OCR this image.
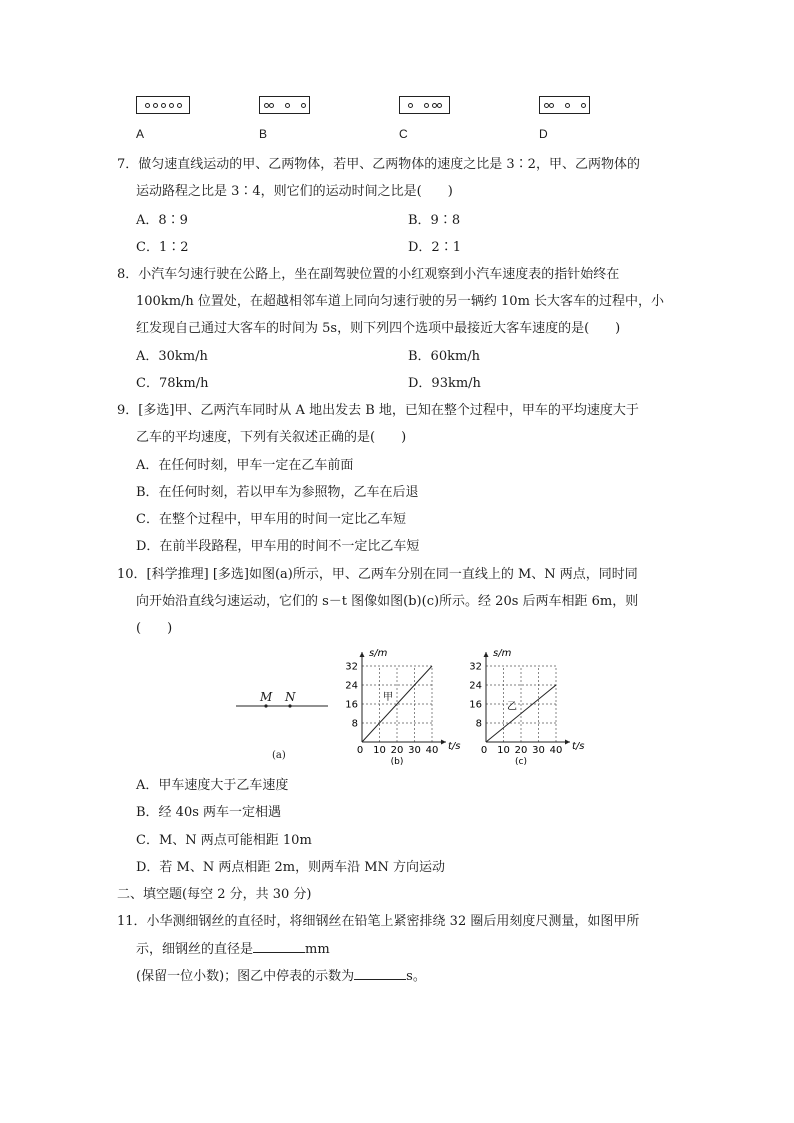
A	B	C	D
7．做匀速直线运动的甲、乙两物体，若甲、乙两物体的速度之比是 3∶2，甲、乙两物体的
运动路程之比是 3∶4，则它们的运动时间之比是(　　)
A．8∶9	B．9∶8
C．1∶2	D．2∶1
8．小汽车匀速行驶在公路上，坐在副驾驶位置的小红观察到小汽车速度表的指针始终在
100km/h 位置处，在超越相邻车道上同向匀速行驶的另一辆约 10m 长大客车的过程中，小
红发现自己通过大客车的时间为 5s，则下列四个选项中最接近大客车速度的是(　　)
A．30km/h	B．60km/h
C．78km/h	D．93km/h
9．[多选]甲、乙两汽车同时从 A 地出发去 B 地，已知在整个过程中，甲车的平均速度大于
乙车的平均速度，下列有关叙述正确的是(　　)
A．在任何时刻，甲车一定在乙车前面
B．在任何时刻，若以甲车为参照物，乙车在后退
C．在整个过程中，甲车用的时间一定比乙车短
D．在前半段路程，甲车用的时间不一定比乙车短
10．[科学推理] [多选]如图(a)所示，甲、乙两车分别在同一直线上的 M、N 两点，同时同
向开始沿直线匀速运动，它们的 s－t 图像如图(b)(c)所示。经 20s 后两车相距 6m，则
(　　)
M N
(a)	0 10 20 30 40
8
16
24
32
t/s
s/m
甲
(b)
0 10 20 30 40
8
16
24
32
t/s
s/m
乙
(c)
A．甲车速度大于乙车速度
B．经 40s 两车一定相遇
C．M、N 两点可能相距 10m
D．若 M、N 两点相距 2m，则两车沿 MN 方向运动
二、填空题(每空 2 分，共 30 分)
11．小华测细钢丝的直径时，将细钢丝在铅笔上紧密排绕 32 圈后用刻度尺测量，如图甲所
示，细钢丝的直径是	mm
(保留一位小数)；图乙中停表的示数为	s。
